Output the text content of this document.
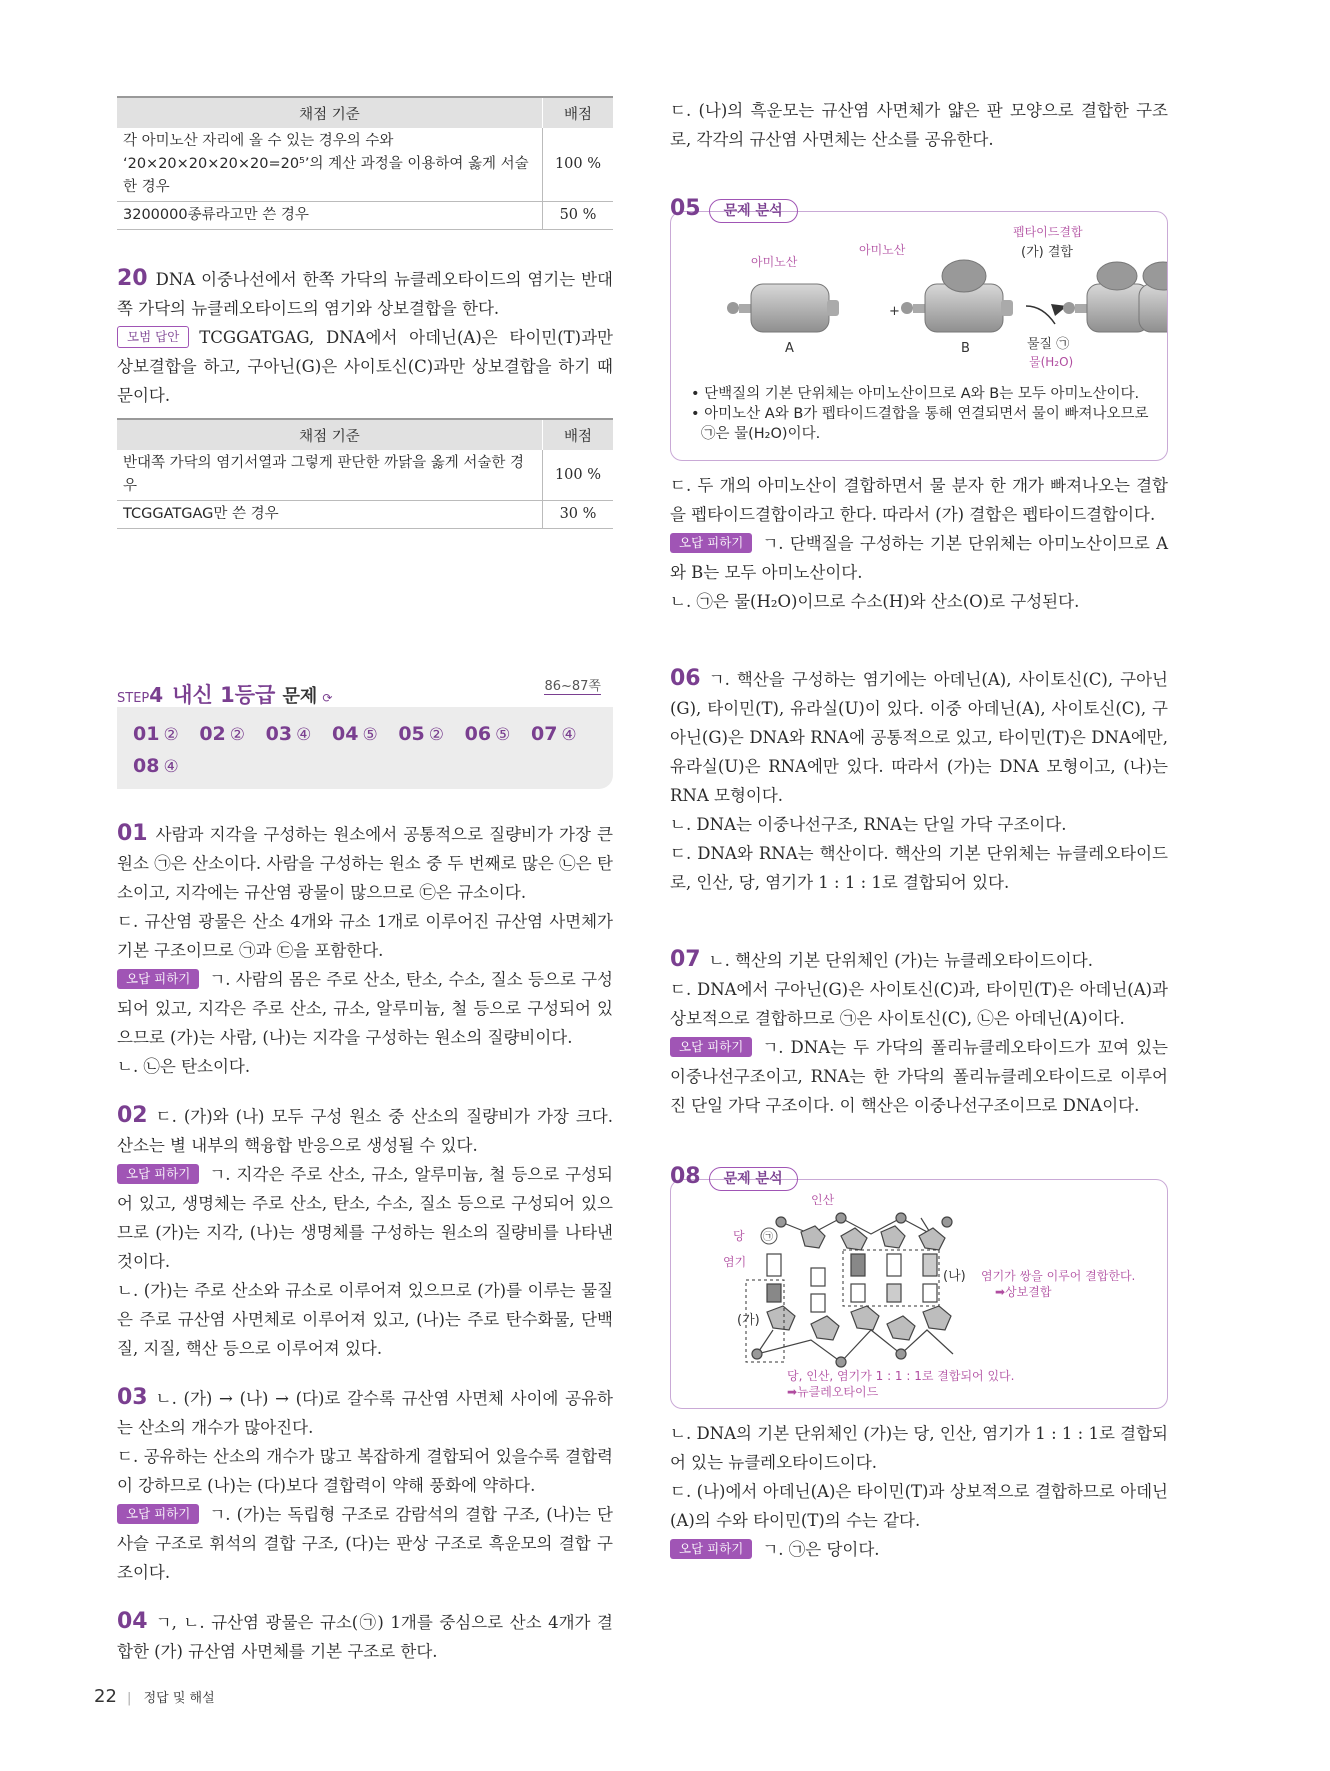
채점 기준	배점

각 아미노산 자리에 올 수 있는 경우의 수와
‘20×20×20×20×20=20⁵’의 계산 과정을 이용하여 옳게 서술
한 경우	100 %
3200000종류라고만 쓴 경우	50 %

20 DNA 이중나선에서 한쪽 가닥의 뉴클레오타이드의 염기는 반대쪽 가닥의 뉴클레오타이드의 염기와 상보결합을 한다.

모범 답안 TCGGATGAG, DNA에서 아데닌(A)은 타이민(T)과만 상보결합을 하고, 구아닌(G)은 사이토신(C)과만 상보결합을 하기 때문이다.

채점 기준	배점
반대쪽 가닥의 염기서열과 그렇게 판단한 까닭을 옳게 서술한 경우	100 %
TCGGATGAG만 쓴 경우	30 %
STEP4 내신 1등급 문제 ⟳
86~87쪽
01 ② 02 ② 03 ④ 04 ⑤ 05 ② 06 ⑤ 07 ④ 08 ④

01 사람과 지각을 구성하는 원소에서 공통적으로 질량비가 가장 큰 원소 ㉠은 산소이다. 사람을 구성하는 원소 중 두 번째로 많은 ㉡은 탄소이고, 지각에는 규산염 광물이 많으므로 ㉢은 규소이다.

ㄷ. 규산염 광물은 산소 4개와 규소 1개로 이루어진 규산염 사면체가 기본 구조이므로 ㉠과 ㉢을 포함한다.

오답 피하기 ㄱ. 사람의 몸은 주로 산소, 탄소, 수소, 질소 등으로 구성되어 있고, 지각은 주로 산소, 규소, 알루미늄, 철 등으로 구성되어 있으므로 (가)는 사람, (나)는 지각을 구성하는 원소의 질량비이다.

ㄴ. ㉡은 탄소이다.

02 ㄷ. (가)와 (나) 모두 구성 원소 중 산소의 질량비가 가장 크다. 산소는 별 내부의 핵융합 반응으로 생성될 수 있다.

오답 피하기 ㄱ. 지각은 주로 산소, 규소, 알루미늄, 철 등으로 구성되어 있고, 생명체는 주로 산소, 탄소, 수소, 질소 등으로 구성되어 있으므로 (가)는 지각, (나)는 생명체를 구성하는 원소의 질량비를 나타낸 것이다.

ㄴ. (가)는 주로 산소와 규소로 이루어져 있으므로 (가)를 이루는 물질은 주로 규산염 사면체로 이루어져 있고, (나)는 주로 탄수화물, 단백질, 지질, 핵산 등으로 이루어져 있다.

03 ㄴ. (가) → (나) → (다)로 갈수록 규산염 사면체 사이에 공유하는 산소의 개수가 많아진다.

ㄷ. 공유하는 산소의 개수가 많고 복잡하게 결합되어 있을수록 결합력이 강하므로 (나)는 (다)보다 결합력이 약해 풍화에 약하다.

오답 피하기 ㄱ. (가)는 독립형 구조로 감람석의 결합 구조, (나)는 단사슬 구조로 휘석의 결합 구조, (다)는 판상 구조로 흑운모의 결합 구조이다.

04 ㄱ, ㄴ. 규산염 광물은 규소(㉠) 1개를 중심으로 산소 4개가 결합한 (가) 규산염 사면체를 기본 구조로 한다.

ㄷ. (나)의 흑운모는 규산염 사면체가 얇은 판 모양으로 결합한 구조로, 각각의 규산염 사면체는 산소를 공유한다.

05 문제 분석
+
아미노산
아미노산
펩타이드결합
(가) 결합
A	B	물질 ㉠
물(H₂O)
• 단백질의 기본 단위체는 아미노산이므로 A와 B는 모두 아미노산이다.
• 아미노산 A와 B가 펩타이드결합을 통해 연결되면서 물이 빠져나오므로 ㉠은 물(H₂O)이다.

ㄷ. 두 개의 아미노산이 결합하면서 물 분자 한 개가 빠져나오는 결합을 펩타이드결합이라고 한다. 따라서 (가) 결합은 펩타이드결합이다.

오답 피하기 ㄱ. 단백질을 구성하는 기본 단위체는 아미노산이므로 A와 B는 모두 아미노산이다.

ㄴ. ㉠은 물(H₂O)이므로 수소(H)와 산소(O)로 구성된다.

06 ㄱ. 핵산을 구성하는 염기에는 아데닌(A), 사이토신(C), 구아닌(G), 타이민(T), 유라실(U)이 있다. 이중 아데닌(A), 사이토신(C), 구아닌(G)은 DNA와 RNA에 공통적으로 있고, 타이민(T)은 DNA에만, 유라실(U)은 RNA에만 있다. 따라서 (가)는 DNA 모형이고, (나)는 RNA 모형이다.

ㄴ. DNA는 이중나선구조, RNA는 단일 가닥 구조이다.

ㄷ. DNA와 RNA는 핵산이다. 핵산의 기본 단위체는 뉴클레오타이드로, 인산, 당, 염기가 1 : 1 : 1로 결합되어 있다.

07 ㄴ. 핵산의 기본 단위체인 (가)는 뉴클레오타이드이다.

ㄷ. DNA에서 구아닌(G)은 사이토신(C)과, 타이민(T)은 아데닌(A)과 상보적으로 결합하므로 ㉠은 사이토신(C), ㉡은 아데닌(A)이다.

오답 피하기 ㄱ. DNA는 두 가닥의 폴리뉴클레오타이드가 꼬여 있는 이중나선구조이고, RNA는 한 가닥의 폴리뉴클레오타이드로 이루어진 단일 가닥 구조이다. 이 핵산은 이중나선구조이므로 DNA이다.

08 문제 분석
㉠
인산
당
염기
(가)
(나) 염기가 쌍을 이루어 결합한다.
➡상보결합
당, 인산, 염기가 1 : 1 : 1로 결합되어 있다.
➡뉴클레오타이드

ㄴ. DNA의 기본 단위체인 (가)는 당, 인산, 염기가 1 : 1 : 1로 결합되어 있는 뉴클레오타이드이다.

ㄷ. (나)에서 아데닌(A)은 타이민(T)과 상보적으로 결합하므로 아데닌(A)의 수와 타이민(T)의 수는 같다.

오답 피하기 ㄱ. ㉠은 당이다.

22 | 정답 및 해설
